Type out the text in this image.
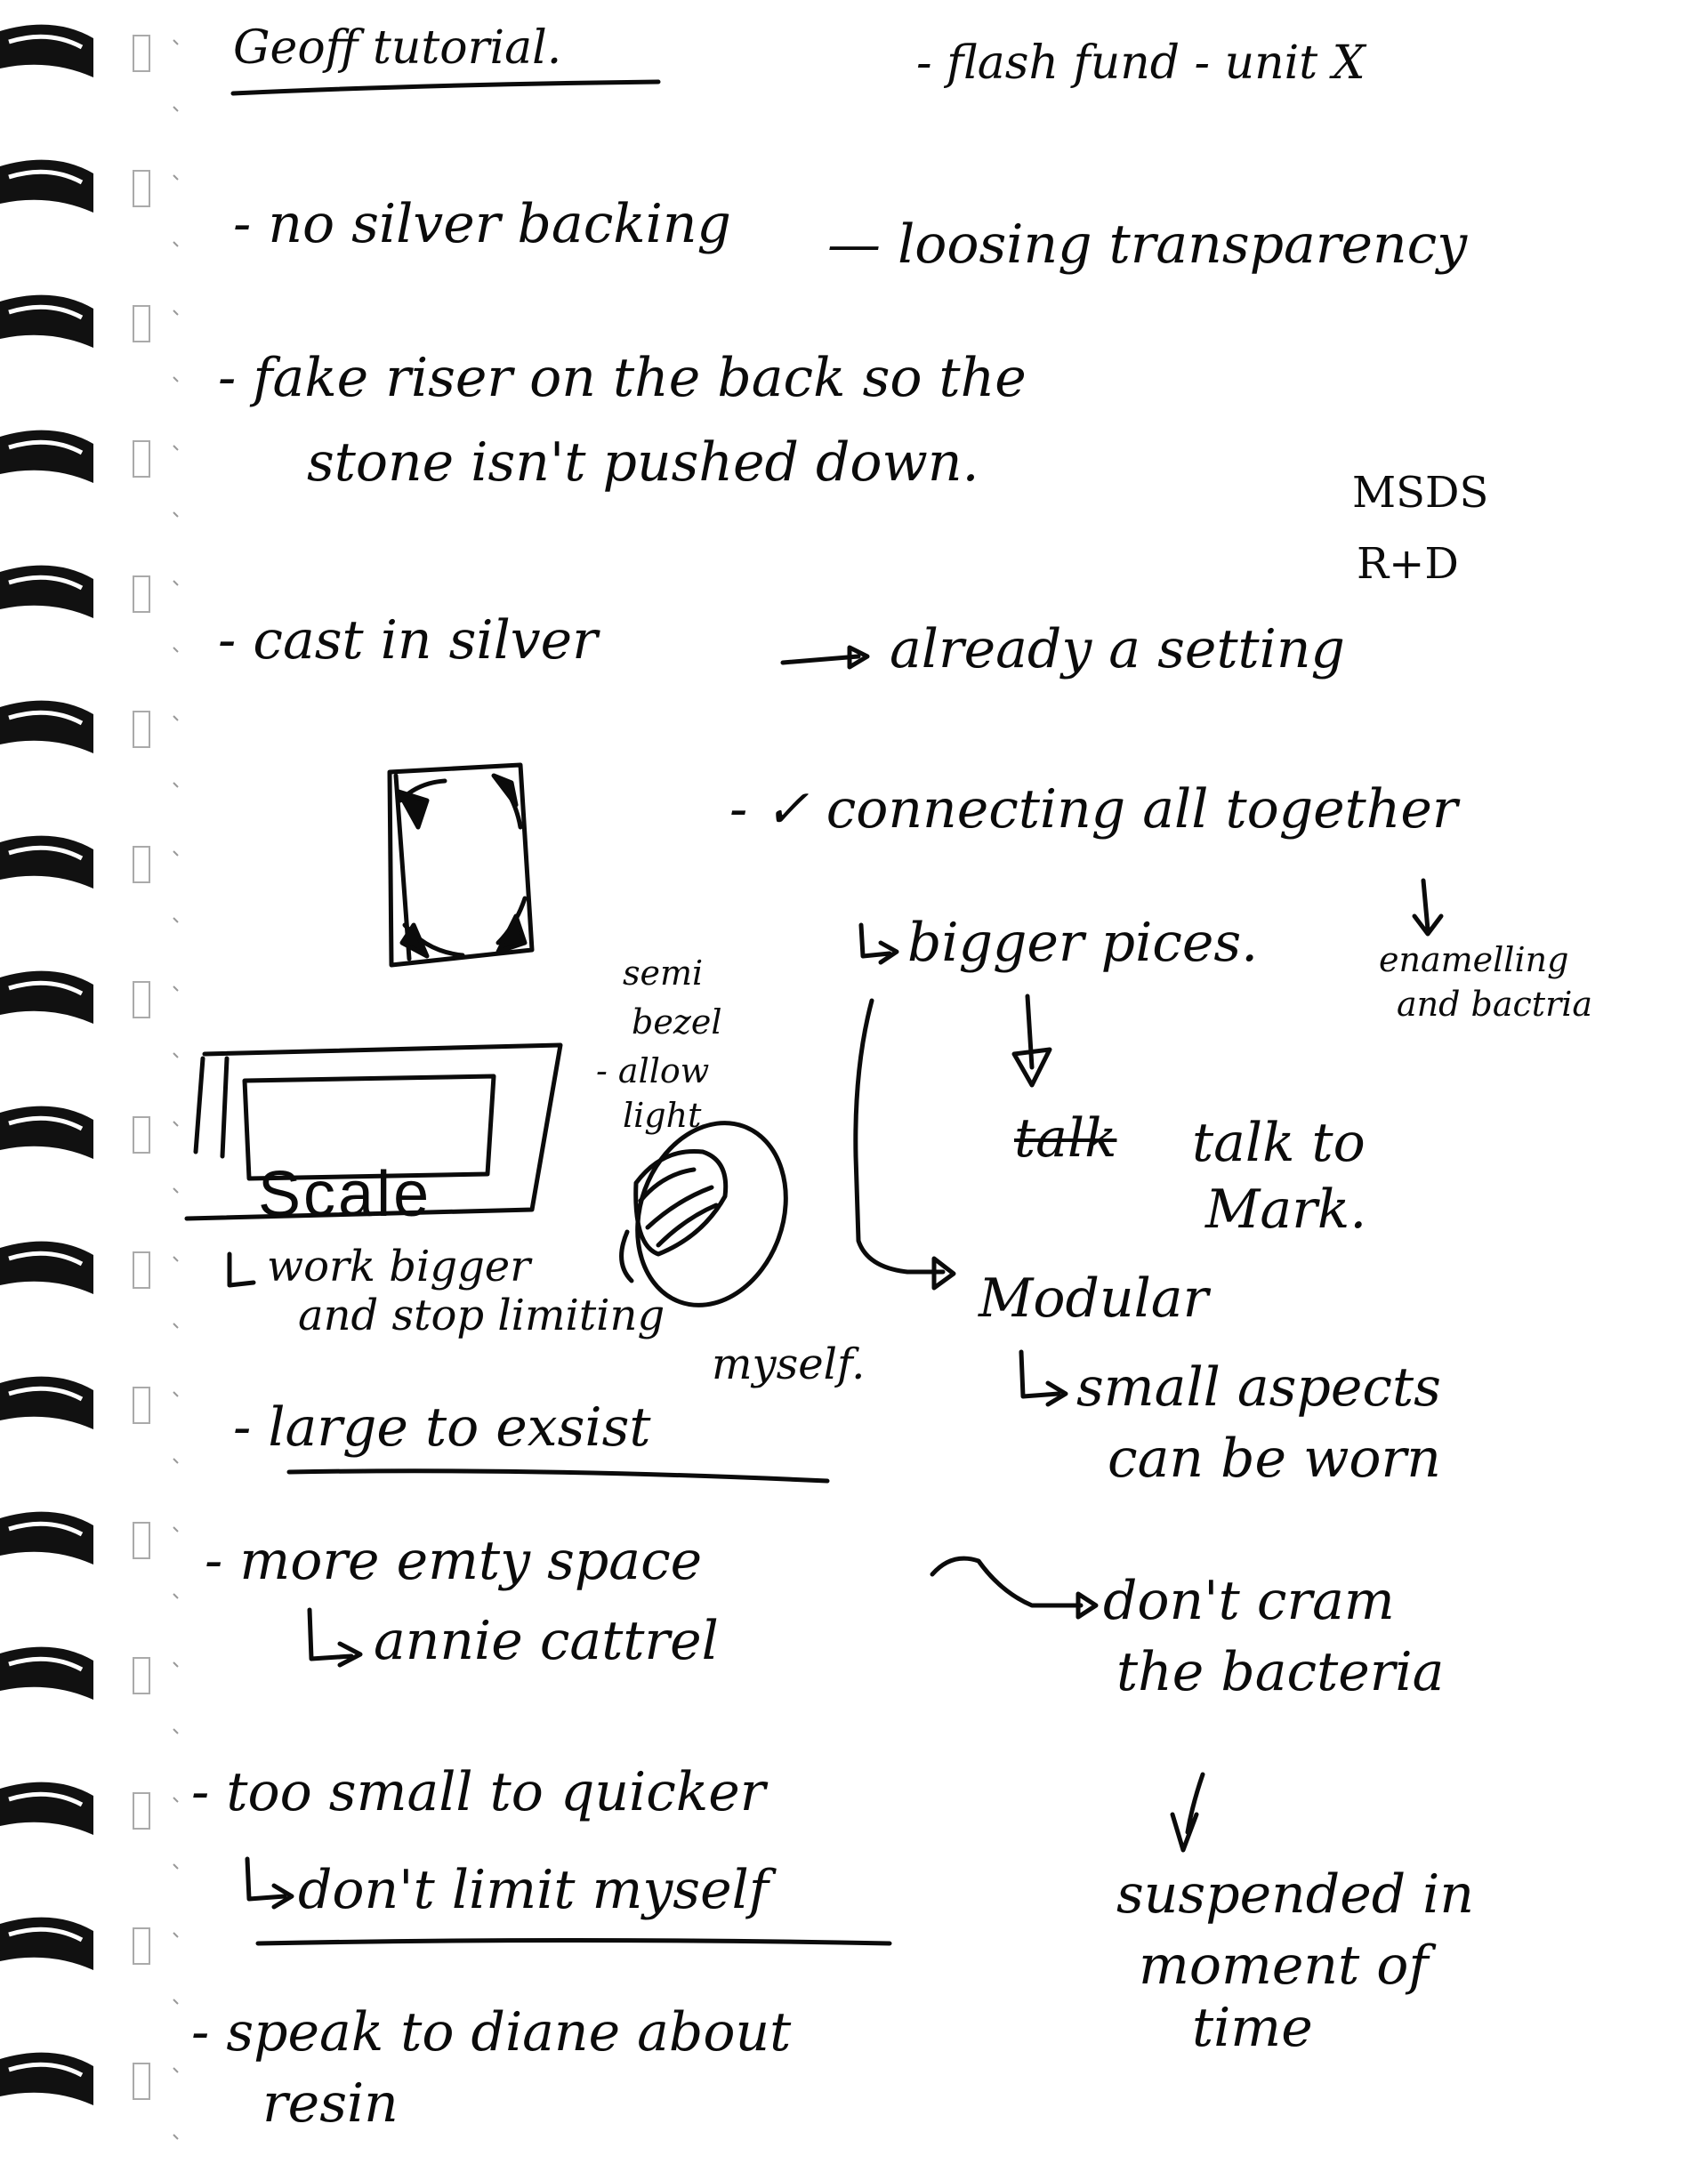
Geoff tutorial.	- flash fund - unit X

- no silver backing — loosing transparency

- fake riser on the back so the

stone isn't pushed down.	MSDS

R+D

- cast in silver	already a setting

- ✓ connecting all together

bigger pices.	enamelling

and bactria

semi

bezel

- allow

light	talk talk to

Mark.

Scale

work bigger

and stop limiting

myself.

Modular

small aspects

can be worn

- large to exsist

- more emty space

annie cattrel

don't cram

the bacteria

- too small to quicker

don't limit myself	suspended in

moment of

time

- speak to diane about

resin
